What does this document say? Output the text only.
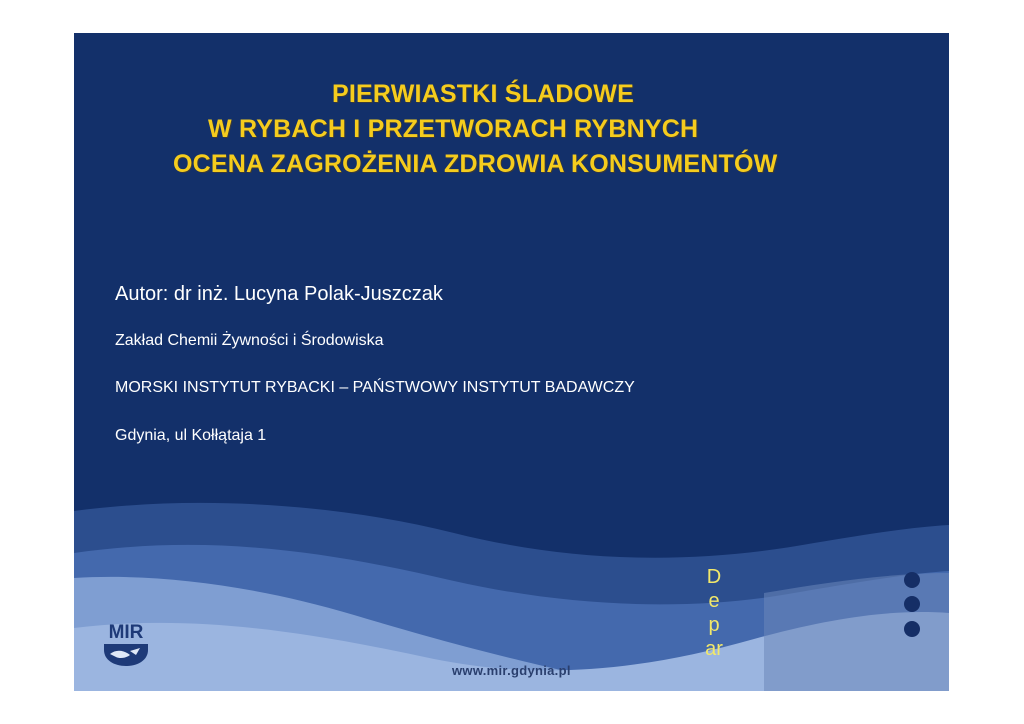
PIERWIASTKI ŚLADOWE
W RYBACH I PRZETWORACH RYBNYCH
OCENA ZAGROŻENIA ZDROWIA KONSUMENTÓW
Autor: dr inż. Lucyna Polak-Juszczak
Zakład Chemii Żywności i Środowiska
MORSKI INSTYTUT RYBACKI – PAŃSTWOWY INSTYTUT BADAWCZY
Gdynia, ul Kołłątaja 1
Depar
MIR
www.mir.gdynia.pl
